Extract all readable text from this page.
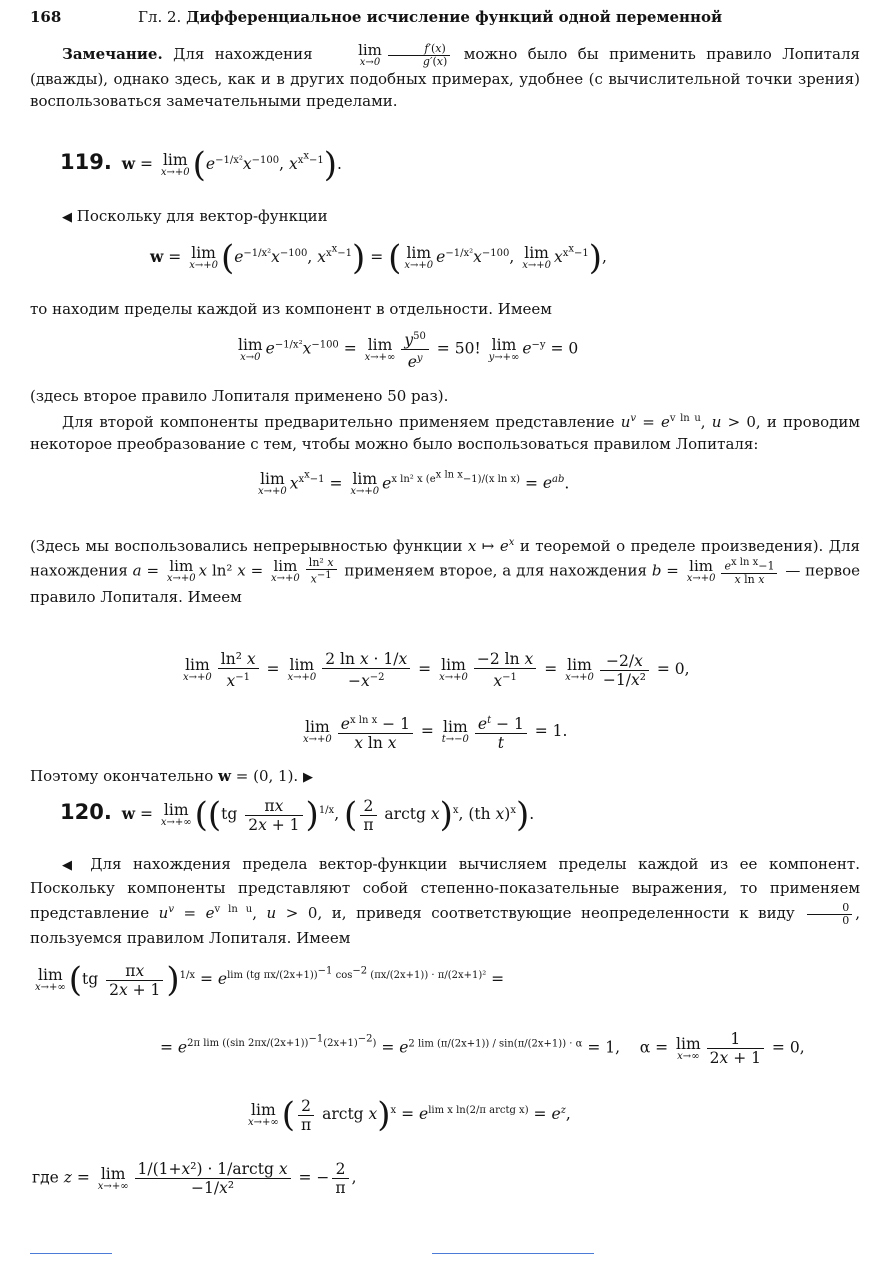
168	Гл. 2. Дифференциальное исчисление функций одной переменной

Замечание. Для нахождения	lim
$x\to 0 \frac{f'(x)}{g'(x)}$ можно было бы применить правило Лопиталя (дважды), однако здесь, как и в других подобных примерах, удобнее (с вычислительной точки зрения) воспользоваться замечательными пределами.

119. w = lim
x→+0 ($e^{-1/x^2}x^{-100}$, $x^{x^x-1}$).

◀ Поскольку для вектор-функции

w = lim
x→+0 ($e^{-1/x^2}x^{-100}$, $x^{x^x-1}$) = ( lim
x→+0 $e^{-1/x^2}x^{-100}$, lim
x→+0 $x^{x^x-1}$),

то находим пределы каждой из компонент в отдельности. Имеем

lim
x→0 $e^{-1/x^2}x^{-100} = \lim$
$x\to+\infty \frac{y^{50}}{e^y} = 50$! lim
y→+∞ $e^{-y} = 0$

(здесь второе правило Лопиталя применено 50 раз).

Для второй компоненты предварительно применяем представление $u^v = e^{v ln u}$, u > 0, и проводим некоторое преобразование с тем, чтобы можно было воспользоваться правилом Лопиталя:

lim
x→+0 $x^{x^x-1} = \lim$
x→+0 $e^{x ln^2 x (e^{x ln x}-1)/(x ln x)} = e^{ab}$.

(Здесь мы воспользовались непрерывностью функции x ↦ $e^x$ и теоремой о пределе произведения). Для нахождения a = lim
x→+0 x ln² x = lim
$x\to+0 \frac{\text{ln² x}}{x^{-1}}$ применяем второе, а для нахождения b = lim
$x\to+0 \frac{e^{x ln x}-1}{\text{x ln x}}$ — первое правило Лопиталя. Имеем

lim
$x\to+0 \frac{\text{ln² x}}{x^{-1}} = \lim$
$x\to+0 \frac{\text{2 ln x · 1/x}}{-x^{-2}} = \lim$
$x\to+0 \frac{\text{−2 ln x}}{x^{-1}} = \lim$
$x\to+0 \frac{-2/x}{\text{−1/x²}} = 0$,
lim
$x\to+0 \frac{e^{x ln x} - 1}{\text{x ln x}} = \lim$
$t\to-0 \frac{e^t - 1}{t} = 1$.

Поэтому окончательно w = (0, 1). ▶

120. w = lim
x→+∞ ($(tg \frac{\pi x}{2x + 1} )^{1/x}$, ( $\frac{2}{\pi}$ arctg x)$^x$, (th x)$^x$).

◀ Для нахождения предела вектор-функции вычисляем пределы каждой из ее компонент. Поскольку компоненты представляют собой степенно-показательные выражения, то применяем представление $u^v = e^{v ln u}$, u > 0, и, приведя соответствующие неопределенности к виду $\frac{0}{0}$ , пользуемся правилом Лопиталя. Имеем

lim
x→+∞ $(tg \frac{\pi x}{2x + 1} )^{1/x} = e^{lim (tg \pi x/(2x+1))^{-1} cos^{-2} (\pi x/(2x+1)) \cdot \pi/(2x+1)^2}$ =
= $e^{2\pi lim ((sin 2\pi x/(2x+1))^{-1}(2x+1)^{-2})} = e^{2 lim (\pi/(2x+1)) / sin(\pi/(2x+1)) \cdot \alpha} = 1$,    α = lim
$x\to\infty \frac{1}{2x + 1} = 0$,
lim
x→+∞ ( $\frac{2}{\pi}$ arctg $x)^x = e^{lim x ln(2/\pi arctg x)} = e^z$,
где z = lim
$x\to+\infty \frac{\text{1/(1+x²) · 1/arctg x}}{\text{−1/x²}}$ = − $\frac{2}{\pi}$ ,
